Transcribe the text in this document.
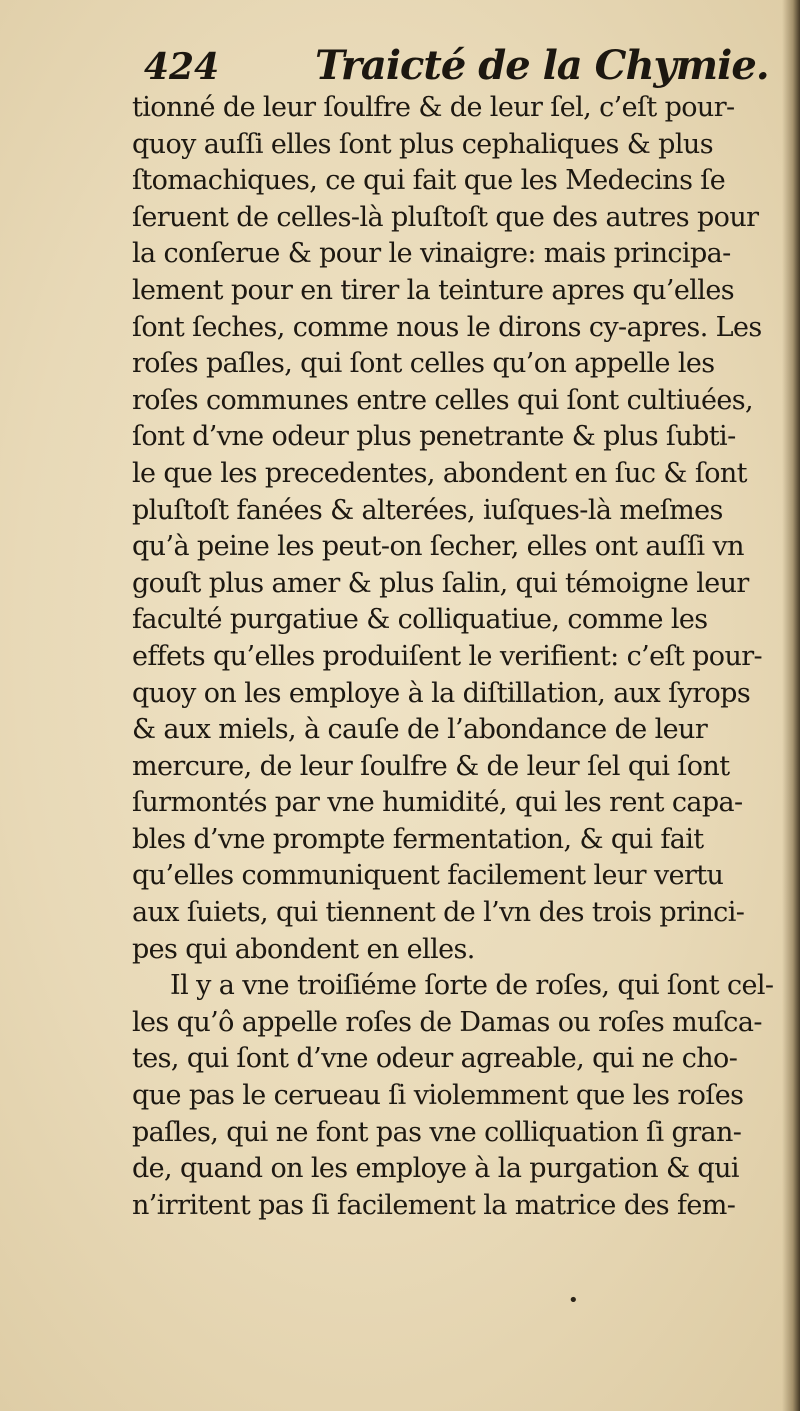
424 Traicté de la Chymie.
tionné de leur ſoulfre & de leur ſel, c’eſt pour-
quoy auſſi elles ſont plus cephaliques & plus
ſtomachiques, ce qui fait que les Medecins ſe
ſeruent de celles-là pluſtoſt que des autres pour
la conſerue & pour le vinaigre: mais principa-
lement pour en tirer la teinture apres qu’elles
ſont ſeches, comme nous le dirons cy-apres. Les
roſes paſles, qui ſont celles qu’on appelle les
roſes communes entre celles qui ſont cultiuées,
ſont d’vne odeur plus penetrante & plus ſubti-
le que les precedentes, abondent en ſuc & ſont
pluſtoſt fanées & alterées, iuſques-là meſmes
qu’à peine les peut-on ſecher, elles ont auſſi vn
gouſt plus amer & plus ſalin, qui témoigne leur
faculté purgatiue & colliquatiue, comme les
effets qu’elles produiſent le verifient: c’eſt pour-
quoy on les employe à la diſtillation, aux ſyrops
& aux miels, à cauſe de l’abondance de leur
mercure, de leur ſoulfre & de leur ſel qui ſont
ſurmontés par vne humidité, qui les rent capa-
bles d’vne prompte fermentation, & qui fait
qu’elles communiquent facilement leur vertu
aux ſuiets, qui tiennent de l’vn des trois princi-
pes qui abondent en elles.
Il y a vne troiſiéme ſorte de roſes, qui ſont cel-
les qu’ô appelle roſes de Damas ou roſes muſca-
tes, qui ſont d’vne odeur agreable, qui ne cho-
que pas le cerueau ſi violemment que les roſes
paſles, qui ne font pas vne colliquation ſi gran-
de, quand on les employe à la purgation & qui
n’irritent pas ſi facilement la matrice des fem-
•
